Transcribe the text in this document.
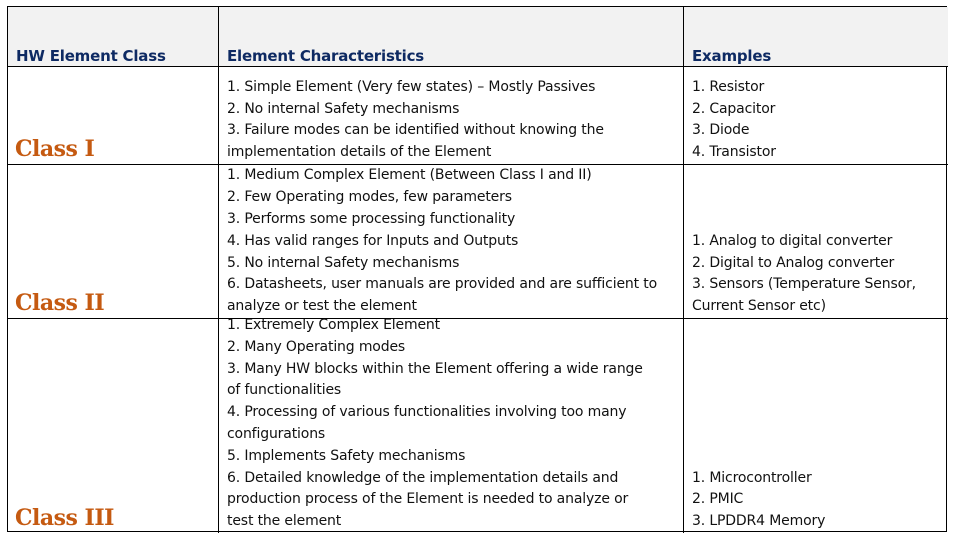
HW Element Class	Element Characteristics	Examples
Class I
1. Simple Element (Very few states) – Mostly Passives
2. No internal Safety mechanisms
3. Failure modes can be identified without knowing the
implementation details of the Element
1. Resistor
2. Capacitor
3. Diode
4. Transistor
Class II
1. Medium Complex Element (Between Class I and II)
2. Few Operating modes, few parameters
3. Performs some processing functionality
4. Has valid ranges for Inputs and Outputs
5. No internal Safety mechanisms
6. Datasheets, user manuals are provided and are sufficient to
analyze or test the element
1. Analog to digital converter
2. Digital to Analog converter
3. Sensors (Temperature Sensor,
Current Sensor etc)
Class III
1. Extremely Complex Element
2. Many Operating modes
3. Many HW blocks within the Element offering a wide range
of functionalities
4. Processing of various functionalities involving too many
configurations
5. Implements Safety mechanisms
6. Detailed knowledge of the implementation details and
production process of the Element is needed to analyze or
test the element
1. Microcontroller
2. PMIC
3. LPDDR4 Memory
